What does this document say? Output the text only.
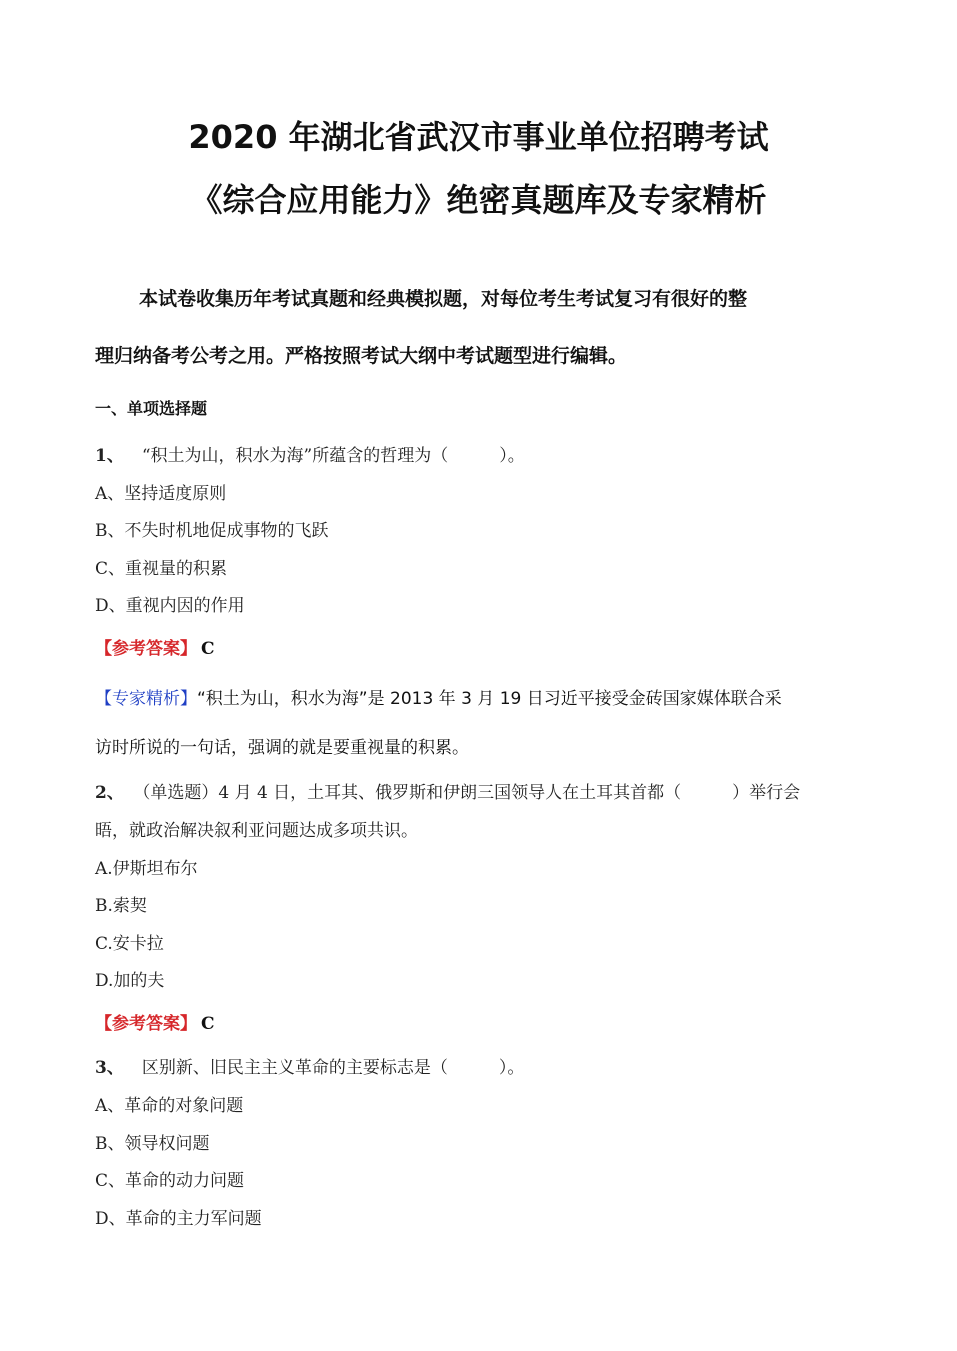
2020 年湖北省武汉市事业单位招聘考试
《综合应用能力》绝密真题库及专家精析
本试卷收集历年考试真题和经典模拟题，对每位考生考试复习有很好的整
理归纳备考公考之用。严格按照考试大纲中考试题型进行编辑。
一、单项选择题
1、 “积土为山，积水为海”所蕴含的哲理为（　　　）。
A、坚持适度原则
B、不失时机地促成事物的飞跃
C、重视量的积累
D、重视内因的作用
【参考答案】 C
【专家精析】“积土为山，积水为海”是 2013 年 3 月 19 日习近平接受金砖国家媒体联合采
访时所说的一句话，强调的就是要重视量的积累。
2、 （单选题）4 月 4 日，土耳其、俄罗斯和伊朗三国领导人在土耳其首都（　　　）举行会
晤，就政治解决叙利亚问题达成多项共识。
A.伊斯坦布尔
B.索契
C.安卡拉
D.加的夫
【参考答案】 C
3、 区别新、旧民主主义革命的主要标志是（　　　）。
A、革命的对象问题
B、领导权问题
C、革命的动力问题
D、革命的主力军问题
